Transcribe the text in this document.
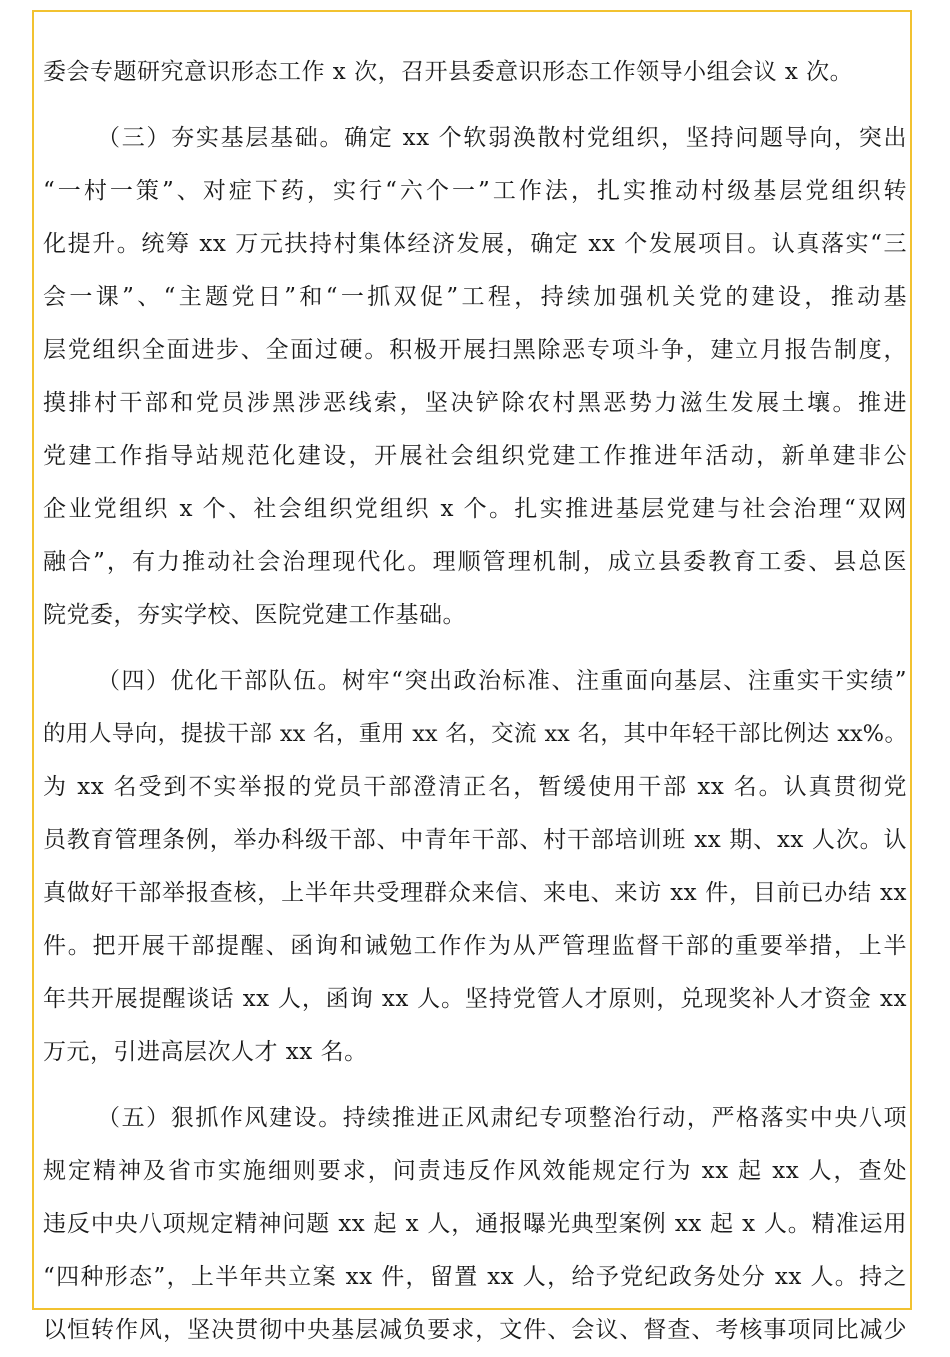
委会专题研究意识形态工作 x 次，召开县委意识形态工作领导小组会议 x 次。
（三）夯实基层基础。确定 xx 个软弱涣散村党组织，坚持问题导向，突出
“一村一策”、对症下药，实行“六个一”工作法，扎实推动村级基层党组织转
化提升。统筹 xx 万元扶持村集体经济发展，确定 xx 个发展项目。认真落实“三
会一课”、“主题党日”和“一抓双促”工程，持续加强机关党的建设，推动基
层党组织全面进步、全面过硬。积极开展扫黑除恶专项斗争，建立月报告制度，
摸排村干部和党员涉黑涉恶线索，坚决铲除农村黑恶势力滋生发展土壤。推进
党建工作指导站规范化建设，开展社会组织党建工作推进年活动，新单建非公
企业党组织 x 个、社会组织党组织 x 个。扎实推进基层党建与社会治理“双网
融合”，有力推动社会治理现代化。理顺管理机制，成立县委教育工委、县总医
院党委，夯实学校、医院党建工作基础。
（四）优化干部队伍。树牢“突出政治标准、注重面向基层、注重实干实绩”
的用人导向，提拔干部 xx 名，重用 xx 名，交流 xx 名，其中年轻干部比例达 xx%。
为 xx 名受到不实举报的党员干部澄清正名，暂缓使用干部 xx 名。认真贯彻党
员教育管理条例，举办科级干部、中青年干部、村干部培训班 xx 期、xx 人次。认
真做好干部举报查核，上半年共受理群众来信、来电、来访 xx 件，目前已办结 xx
件。把开展干部提醒、函询和诫勉工作作为从严管理监督干部的重要举措，上半
年共开展提醒谈话 xx 人，函询 xx 人。坚持党管人才原则，兑现奖补人才资金 xx
万元，引进高层次人才 xx 名。
（五）狠抓作风建设。持续推进正风肃纪专项整治行动，严格落实中央八项
规定精神及省市实施细则要求，问责违反作风效能规定行为 xx 起 xx 人，查处
违反中央八项规定精神问题 xx 起 x 人，通报曝光典型案例 xx 起 x 人。精准运用
“四种形态”，上半年共立案 xx 件，留置 xx 人，给予党纪政务处分 xx 人。持之
以恒转作风，坚决贯彻中央基层减负要求，文件、会议、督查、考核事项同比减少
